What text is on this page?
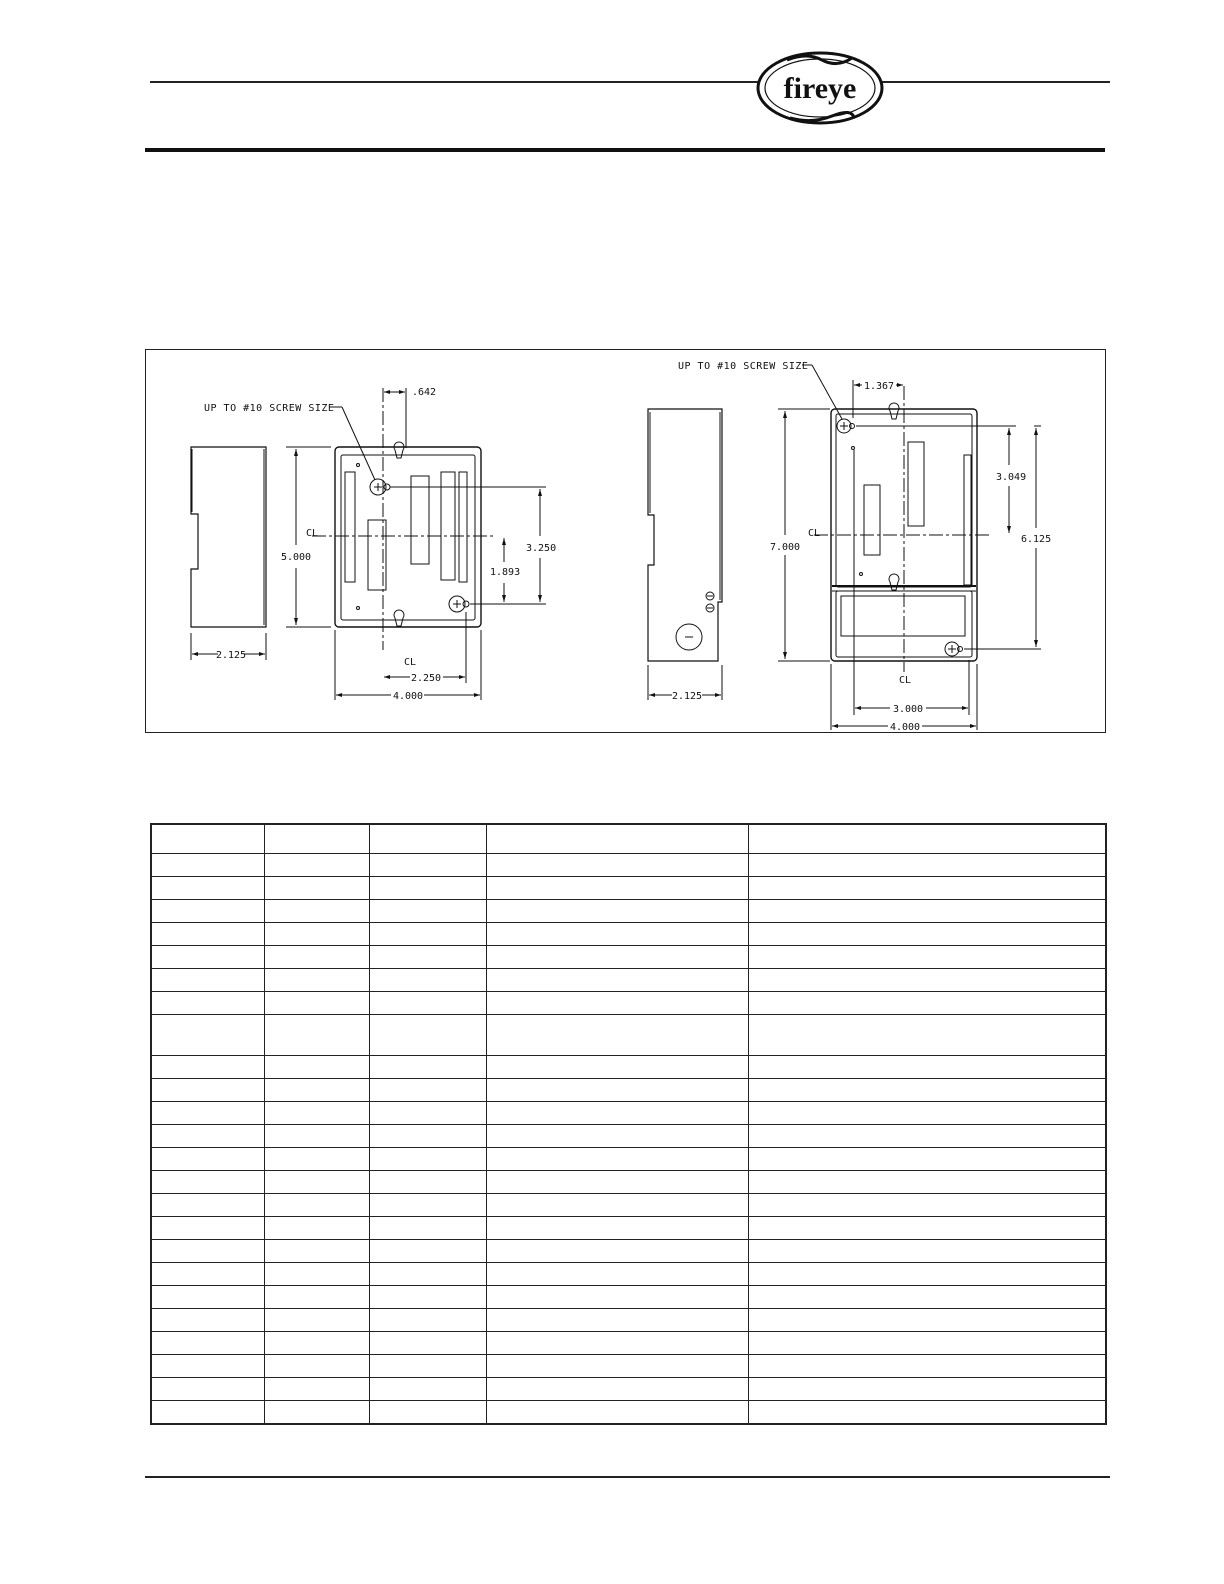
fireye
2.125
5.000
.642
CL
CL
UP TO #10 SCREW SIZE
3.250
1.893
2.250
4.000	2.125
7.000
CL
CL
1.367
UP TO #10 SCREW SIZE
3.049
6.125
3.000
4.000
